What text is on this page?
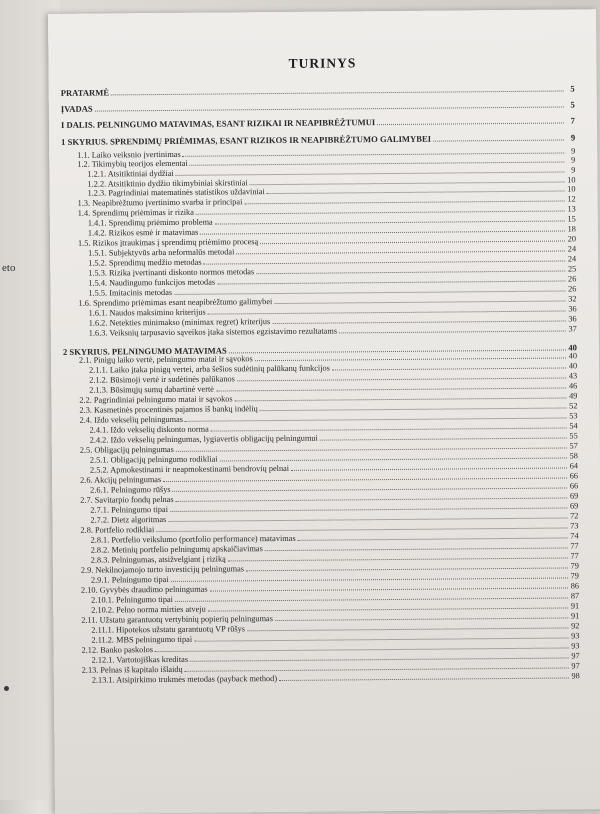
eto
TURINYS
PRATARMĖ	5
ĮVADAS	5
I DALIS. PELNINGUMO MATAVIMAS, ESANT RIZIKAI IR NEAPIBRĖŽTUMUI	7
1 SKYRIUS. SPRENDIMŲ PRIĖMIMAS, ESANT RIZIKOS IR NEAPIBRĖŽTUMO GALIMYBEI	9
1.1. Laiko veiksnio įvertinimas	9
1.2. Tikimybių teorijos elementai	9
1.2.1. Atsitiktiniai dydžiai	9
1.2.2. Atsitiktinio dydžio tikimybiniai skirstiniai	10
1.2.3. Pagrindiniai matematinės statistikos uždaviniai	10
1.3. Neapibrėžtumo įvertinimo svarba ir principai	12
1.4. Sprendimų priėmimas ir rizika	13
1.4.1. Sprendimų priėmimo problema	15
1.4.2. Rizikos esmė ir matavimas	18
1.5. Rizikos įtraukimas į sprendimų priėmimo procesą	20
1.5.1. Subjektyvūs arba neformalūs metodai	24
1.5.2. Sprendimų medžio metodas	24
1.5.3. Rizika įvertinanti diskonto normos metodas	25
1.5.4. Naudingumo funkcijos metodas	26
1.5.5. Imitacinis metodas	26
1.6. Sprendimo priėmimas esant neapibrėžtumo galimybei	32
1.6.1. Naudos maksimino kriterijus	36
1.6.2. Netekties minimakso (minimax regret) kriterijus	36
1.6.3. Veiksnių tarpusavio sąveikos įtaka sistemos egzistavimo rezultatams	37
2 SKYRIUS. PELNINGUMO MATAVIMAS	40
2.1. Pinigų laiko vertė, pelningumo matai ir sąvokos	40
2.1.1. Laiko įtaka pinigų vertei, arba šešios sudėtinių palūkanų funkcijos	40
2.1.2. Būsimoji vertė ir sudėtinės palūkanos	43
2.1.3. Būsimųjų sumų dabartinė vertė	46
2.2. Pagrindiniai pelningumo matai ir sąvokos	49
2.3. Kasmetinės procentinės pajamos iš bankų indėlių	52
2.4. Iždo vekselių pelningumas	53
2.4.1. Iždo vekselių diskonto norma	54
2.4.2. Iždo vekselių pelningumas, lygiavertis obligacijų pelningumui	55
2.5. Obligacijų pelningumas	57
2.5.1. Obligacijų pelningumo rodikliai	58
2.5.2. Apmokestinami ir neapmokestinami bendrovių pelnai	64
2.6. Akcijų pelningumas	66
2.6.1. Pelningumo rūšys	66
2.7. Savitarpio fondų pelnas	69
2.7.1. Pelningumo tipai	69
2.7.2. Dietz algoritmas	72
2.8. Portfelio rodikliai	73
2.8.1. Portfelio veikslumo (portfolio performance) matavimas	74
2.8.2. Metinių portfelio pelningumų apskaičiavimas	77
2.8.3. Pelningumas, atsižvelgiant į riziką	77
2.9. Nekilnojamojo turto investicijų pelningumas	79
2.9.1. Pelningumo tipai	79
2.10. Gyvybės draudimo pelningumas	86
2.10.1. Pelningumo tipai	87
2.10.2. Pelno norma mirties atveju	91
2.11. Užstatu garantuotų vertybinių popierių pelningumas	91
2.11.1. Hipotekos užstatu garantuotų VP rūšys	92
2.11.2. MBS pelningumo tipai	93
2.12. Banko paskolos	93
2.12.1. Vartotojiškas kreditas	97
2.13. Pelnas iš kapitalo išlaidų	97
2.13.1. Atsipirkimo trukmės metodas (payback method)	98
